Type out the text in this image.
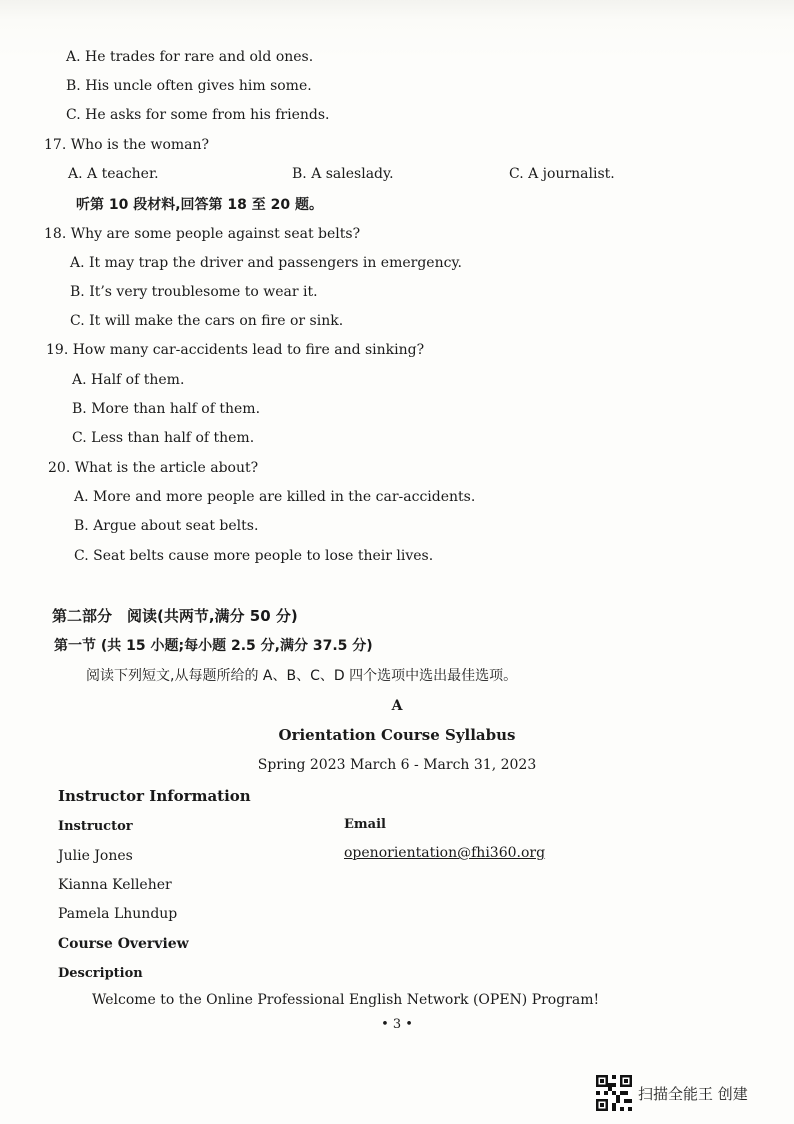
A. He trades for rare and old ones.
B. His uncle often gives him some.
C. He asks for some from his friends.
17. Who is the woman?
A. A teacher.	B. A saleslady.	C. A journalist.
听第 10 段材料,回答第 18 至 20 题。
18. Why are some people against seat belts?
A. It may trap the driver and passengers in emergency.
B. It’s very troublesome to wear it.
C. It will make the cars on fire or sink.
19. How many car-accidents lead to fire and sinking?
A. Half of them.
B. More than half of them.
C. Less than half of them.
20. What is the article about?
A. More and more people are killed in the car-accidents.
B. Argue about seat belts.
C. Seat belts cause more people to lose their lives.
第二部分　阅读(共两节,满分 50 分)
第一节 (共 15 小题;每小题 2.5 分,满分 37.5 分)
阅读下列短文,从每题所给的 A、B、C、D 四个选项中选出最佳选项。
A
Orientation Course Syllabus
Spring 2023 March 6 - March 31, 2023
Instructor Information
Instructor	Email
Julie Jones	openorientation@fhi360.org
Kianna Kelleher
Pamela Lhundup
Course Overview
Description
Welcome to the Online Professional English Network (OPEN) Program!
• 3 •
扫描全能王 创建
